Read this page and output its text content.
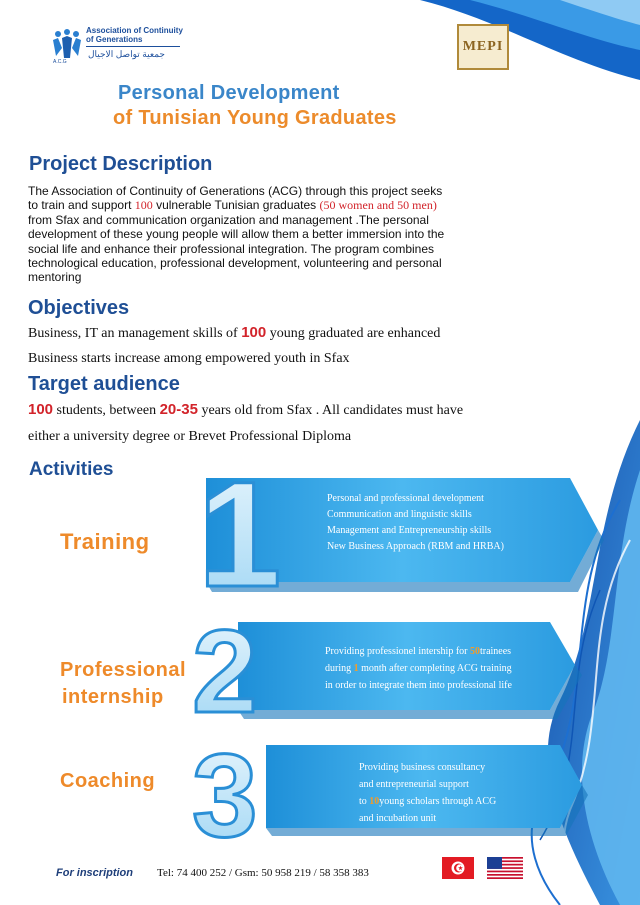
1
2
3
Association of Continuity of Generations
جمعية تواصل الاجيال
A.C.G
MEPI
Personal Development
of Tunisian Young Graduates
Project Description
The Association of Continuity of Generations (ACG) through this project seeks
to train and support 100 vulnerable Tunisian graduates (50 women and 50 men)
from Sfax and communication organization and management .The personal
development of these young people will allow them a better immersion into the
social life and enhance their professional integration. The program combines
technological education, professional development, volunteering and personal
mentoring
Objectives
Business, IT an management skills of 100 young graduated are enhanced
Business starts increase among empowered youth in Sfax
Target audience
100 students, between 20-35 years old from Sfax . All candidates must have
either a university degree or Brevet Professional Diploma
Activities
Training
Professional
internship
Coaching
Personal and professional development
Communication and linguistic skills
Management and Entrepreneurship skills
New Business Approach (RBM and HRBA)
Providing professionel intership for 50trainees
during 1 month after completing ACG training
in order to integrate them into professional life
Providing business consultancy
and entrepreneurial support
to 10young scholars through ACG
and incubation unit
For inscription Tel: 74 400 252 / Gsm: 50 958 219 / 58 358 383
